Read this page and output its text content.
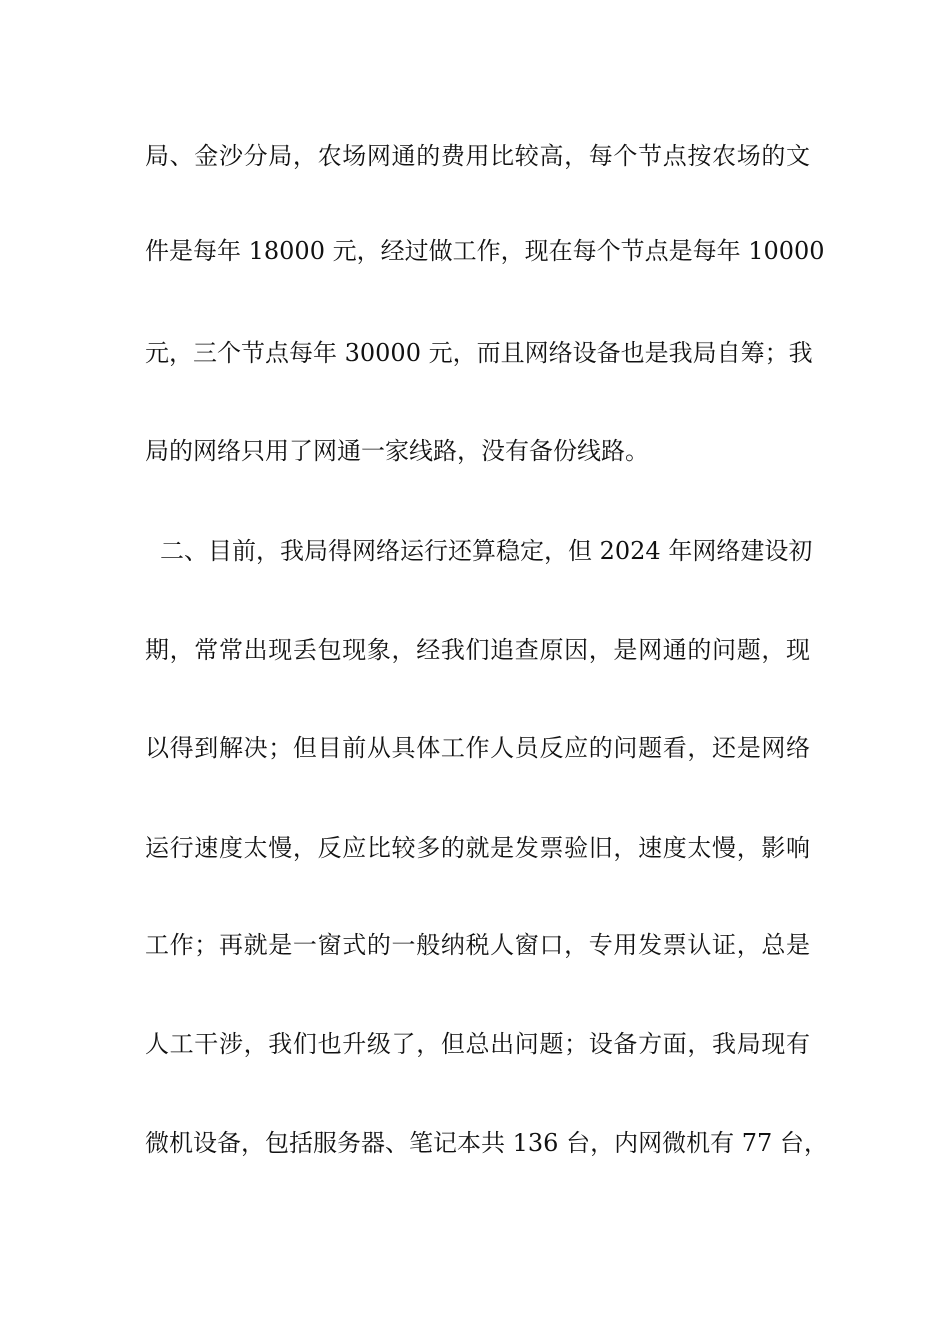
局、金沙分局，农场网通的费用比较高，每个节点按农场的文
件是每年 18000 元，经过做工作，现在每个节点是每年 10000
元，三个节点每年 30000 元，而且网络设备也是我局自筹；我
局的网络只用了网通一家线路，没有备份线路。
二、目前，我局得网络运行还算稳定，但 2024 年网络建设初
期，常常出现丢包现象，经我们追查原因，是网通的问题，现
以得到解决；但目前从具体工作人员反应的问题看，还是网络
运行速度太慢，反应比较多的就是发票验旧，速度太慢，影响
工作；再就是一窗式的一般纳税人窗口，专用发票认证，总是
人工干涉，我们也升级了，但总出问题；设备方面，我局现有
微机设备，包括服务器、笔记本共 136 台，内网微机有 77 台，
